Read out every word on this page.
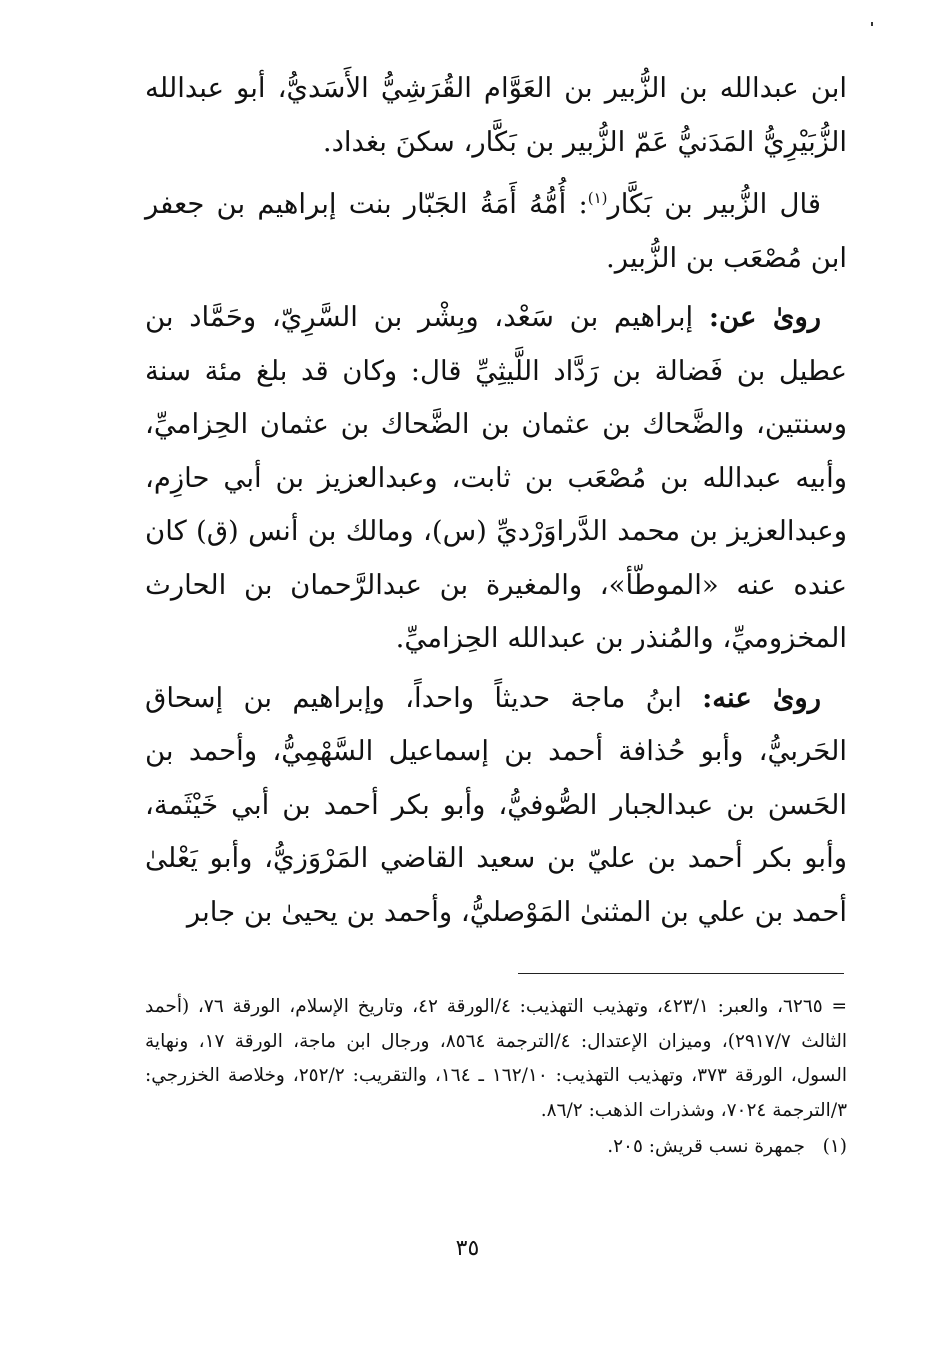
ابن عبدالله بن الزُّبير بن العَوَّام القُرَشِيُّ الأَسَديُّ، أبو عبدالله الزُّبَيْرِيُّ المَدَنيُّ عَمّ الزُّبير بن بَكَّار، سكنَ بغداد.

قال الزُّبير بن بَكَّار$^{(١)}$: أُمُّهُ أَمَةُ الجَبّار بنت إبراهيم بن جعفر ابن مُصْعَب بن الزُّبير.

روىٰ عن: إبراهيم بن سَعْد، وبِشْر بن السَّرِيّ، وحَمَّاد بن عطيل بن فَضالة بن رَدَّاد اللَّيثِيِّ قال: وكان قد بلغ مئة سنة وسنتين، والضَّحاك بن عثمان بن الضَّحاك بن عثمان الحِزاميِّ، وأبيه عبدالله بن مُصْعَب بن ثابت، وعبدالعزيز بن أبي حازِم، وعبدالعزيز بن محمد الدَّراوَرْديِّ (س)، ومالك بن أنس (ق) كان عنده عنه «الموطّأ»، والمغيرة بن عبدالرَّحمان بن الحارث المخزوميِّ، والمُنذر بن عبدالله الحِزاميِّ.

روىٰ عنه: ابنُ ماجة حديثاً واحداً، وإبراهيم بن إسحاق الحَربيُّ، وأبو حُذافة أحمد بن إسماعيل السَّهْمِيُّ، وأحمد بن الحَسن بن عبدالجبار الصُّوفيُّ، وأبو بكر أحمد بن أبي خَيْثَمة، وأبو بكر أحمد بن عليّ بن سعيد القاضي المَرْوَزيُّ، وأبو يَعْلىٰ أحمد بن علي بن المثنىٰ المَوْصليُّ، وأحمد بن يحيىٰ بن جابر

= ٦٢٦٥، والعبر: ٤٢٣/١، وتهذيب التهذيب: ٤/الورقة ٤٢، وتاريخ الإسلام، الورقة ٧٦، (أحمد الثالث ٢٩١٧/٧)، وميزان الإعتدال: ٤/الترجمة ٨٥٦٤، ورجال ابن ماجة، الورقة ١٧، ونهاية السول، الورقة ٣٧٣، وتهذيب التهذيب: ١٦٢/١٠ ـ ١٦٤، والتقريب: ٢٥٢/٢، وخلاصة الخزرجي: ٣/الترجمة ٧٠٢٤، وشذرات الذهب: ٨٦/٢.

(١)   جمهرة نسب قريش: ٢٠٥.

٣٥
